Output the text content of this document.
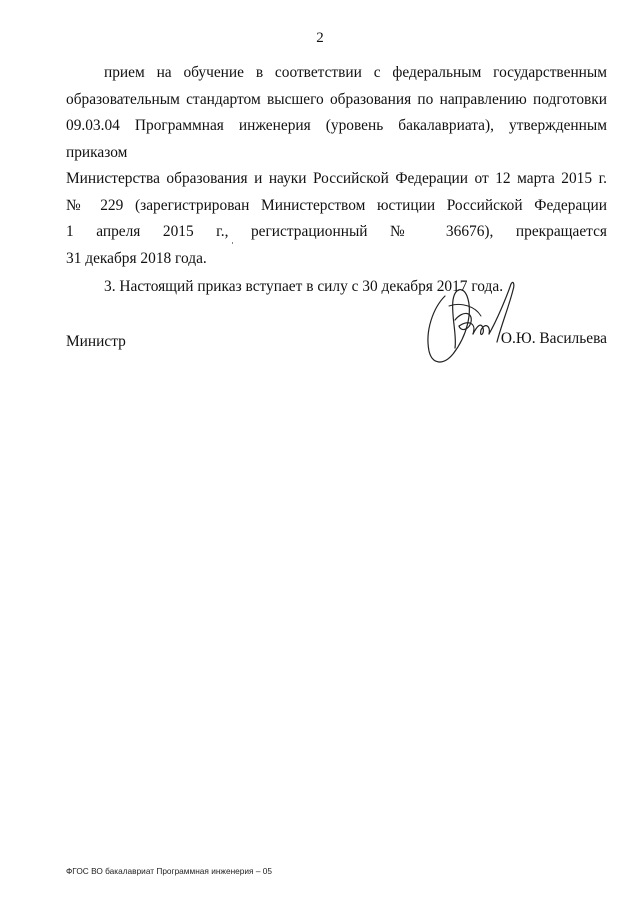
2
прием на обучение в соответствии с федеральным государственным
образовательным стандартом высшего образования по направлению подготовки
09.03.04 Программная инженерия (уровень бакалавриата), утвержденным приказом
Министерства образования и науки Российской Федерации от 12 марта 2015 г.
№ 229 (зарегистрирован Министерством юстиции Российской Федерации
1 апреля 2015 г., регистрационный № 36676), прекращается
31 декабря 2018 года.
3. Настоящий приказ вступает в силу с 30 декабря 2017 года.
Министр	О.Ю. Васильева
ФГОС ВО бакалавриат Программная инженерия – 05
